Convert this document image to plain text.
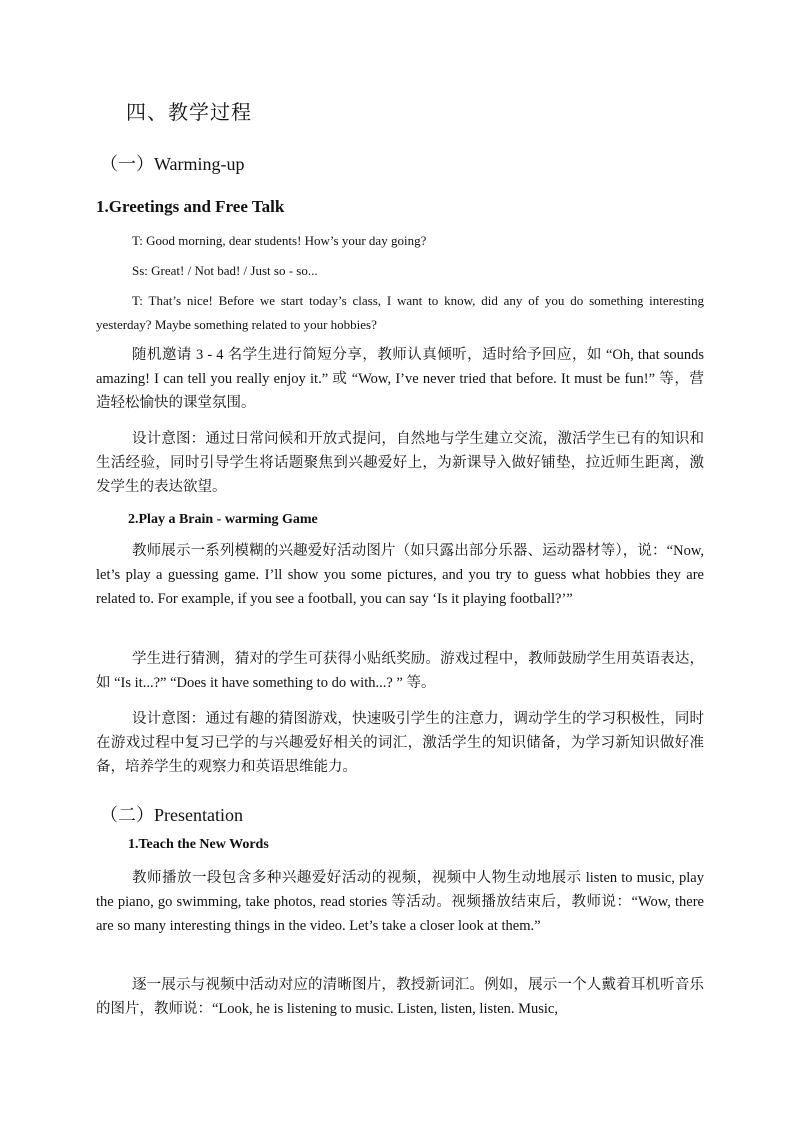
四、教学过程
（一）Warming-up
1.Greetings and Free Talk
T: Good morning, dear students! How’s your day going?
Ss: Great! / Not bad! / Just so - so...
T: That’s nice! Before we start today’s class, I want to know, did any of you do something interesting yesterday? Maybe something related to your hobbies?
随机邀请 3 - 4 名学生进行简短分享，教师认真倾听，适时给予回应，如 “Oh, that sounds amazing! I can tell you really enjoy it.” 或 “Wow, I’ve never tried that before. It must be fun!” 等，营造轻松愉快的课堂氛围。
设计意图：通过日常问候和开放式提问，自然地与学生建立交流，激活学生已有的知识和生活经验，同时引导学生将话题聚焦到兴趣爱好上，为新课导入做好铺垫，拉近师生距离，激发学生的表达欲望。
2.Play a Brain - warming Game
教师展示一系列模糊的兴趣爱好活动图片（如只露出部分乐器、运动器材等），说：“Now, let’s play a guessing game. I’ll show you some pictures, and you try to guess what hobbies they are related to. For example, if you see a football, you can say ‘Is it playing football?’”
学生进行猜测，猜对的学生可获得小贴纸奖励。游戏过程中，教师鼓励学生用英语表达，如 “Is it...?” “Does it have something to do with...? ” 等。
设计意图：通过有趣的猜图游戏，快速吸引学生的注意力，调动学生的学习积极性，同时在游戏过程中复习已学的与兴趣爱好相关的词汇，激活学生的知识储备，为学习新知识做好准备，培养学生的观察力和英语思维能力。
（二）Presentation
1.Teach the New Words
教师播放一段包含多种兴趣爱好活动的视频，视频中人物生动地展示 listen to music, play the piano, go swimming, take photos, read stories 等活动。视频播放结束后，教师说：“Wow, there are so many interesting things in the video. Let’s take a closer look at them.”
逐一展示与视频中活动对应的清晰图片，教授新词汇。例如，展示一个人戴着耳机听音乐的图片，教师说：“Look, he is listening to music. Listen, listen, listen. Music,
